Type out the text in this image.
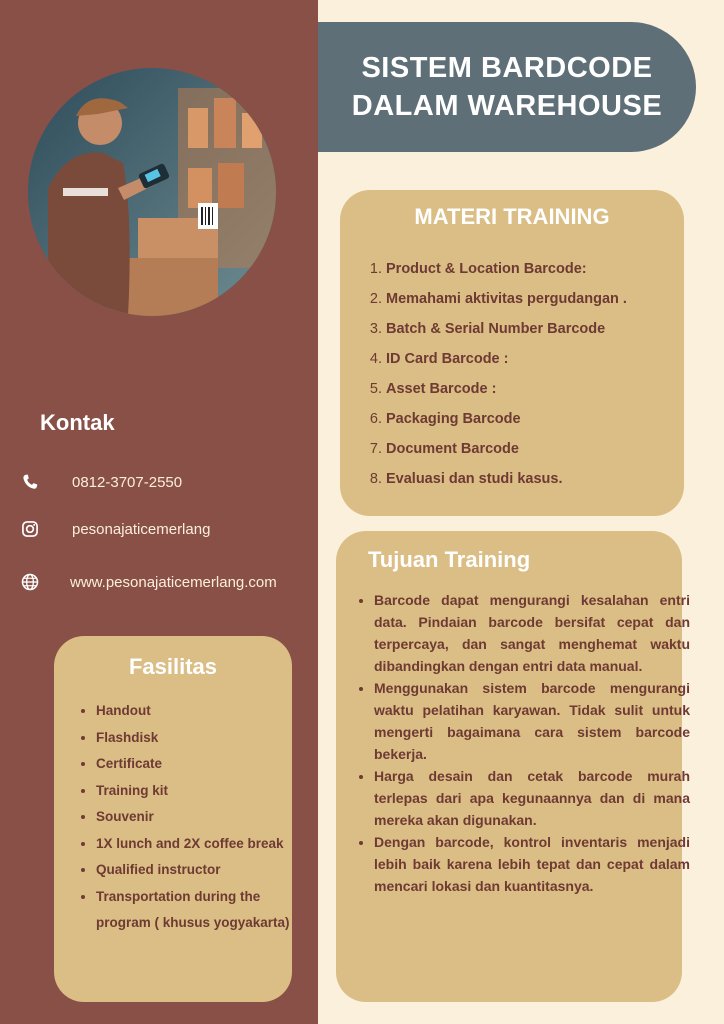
Kontak
0812-3707-2550
pesonajaticemerlang
www.pesonajaticemerlang.com
Fasilitas
• Handout
• Flashdisk
• Certificate
• Training kit
• Souvenir
• 1X lunch and 2X coffee break
• Qualified instructor
• Transportation during the program ( khusus yogyakarta)
SISTEM BARDCODE
DALAM WAREHOUSE
MATERI TRAINING
1. Product & Location Barcode:
2. Memahami aktivitas pergudangan .
3. Batch & Serial Number Barcode
4. ID Card Barcode :
5. Asset Barcode :
6. Packaging Barcode
7. Document Barcode
8. Evaluasi dan studi kasus.
Tujuan Training
• Barcode dapat mengurangi kesalahan entri data. Pindaian barcode bersifat cepat dan terpercaya, dan sangat menghemat waktu dibandingkan dengan entri data manual.
• Menggunakan sistem barcode mengurangi waktu pelatihan karyawan. Tidak sulit untuk mengerti bagaimana cara sistem barcode bekerja.
• Harga desain dan cetak barcode murah terlepas dari apa kegunaannya dan di mana mereka akan digunakan.
• Dengan barcode, kontrol inventaris menjadi lebih baik karena lebih tepat dan cepat dalam mencari lokasi dan kuantitasnya.
